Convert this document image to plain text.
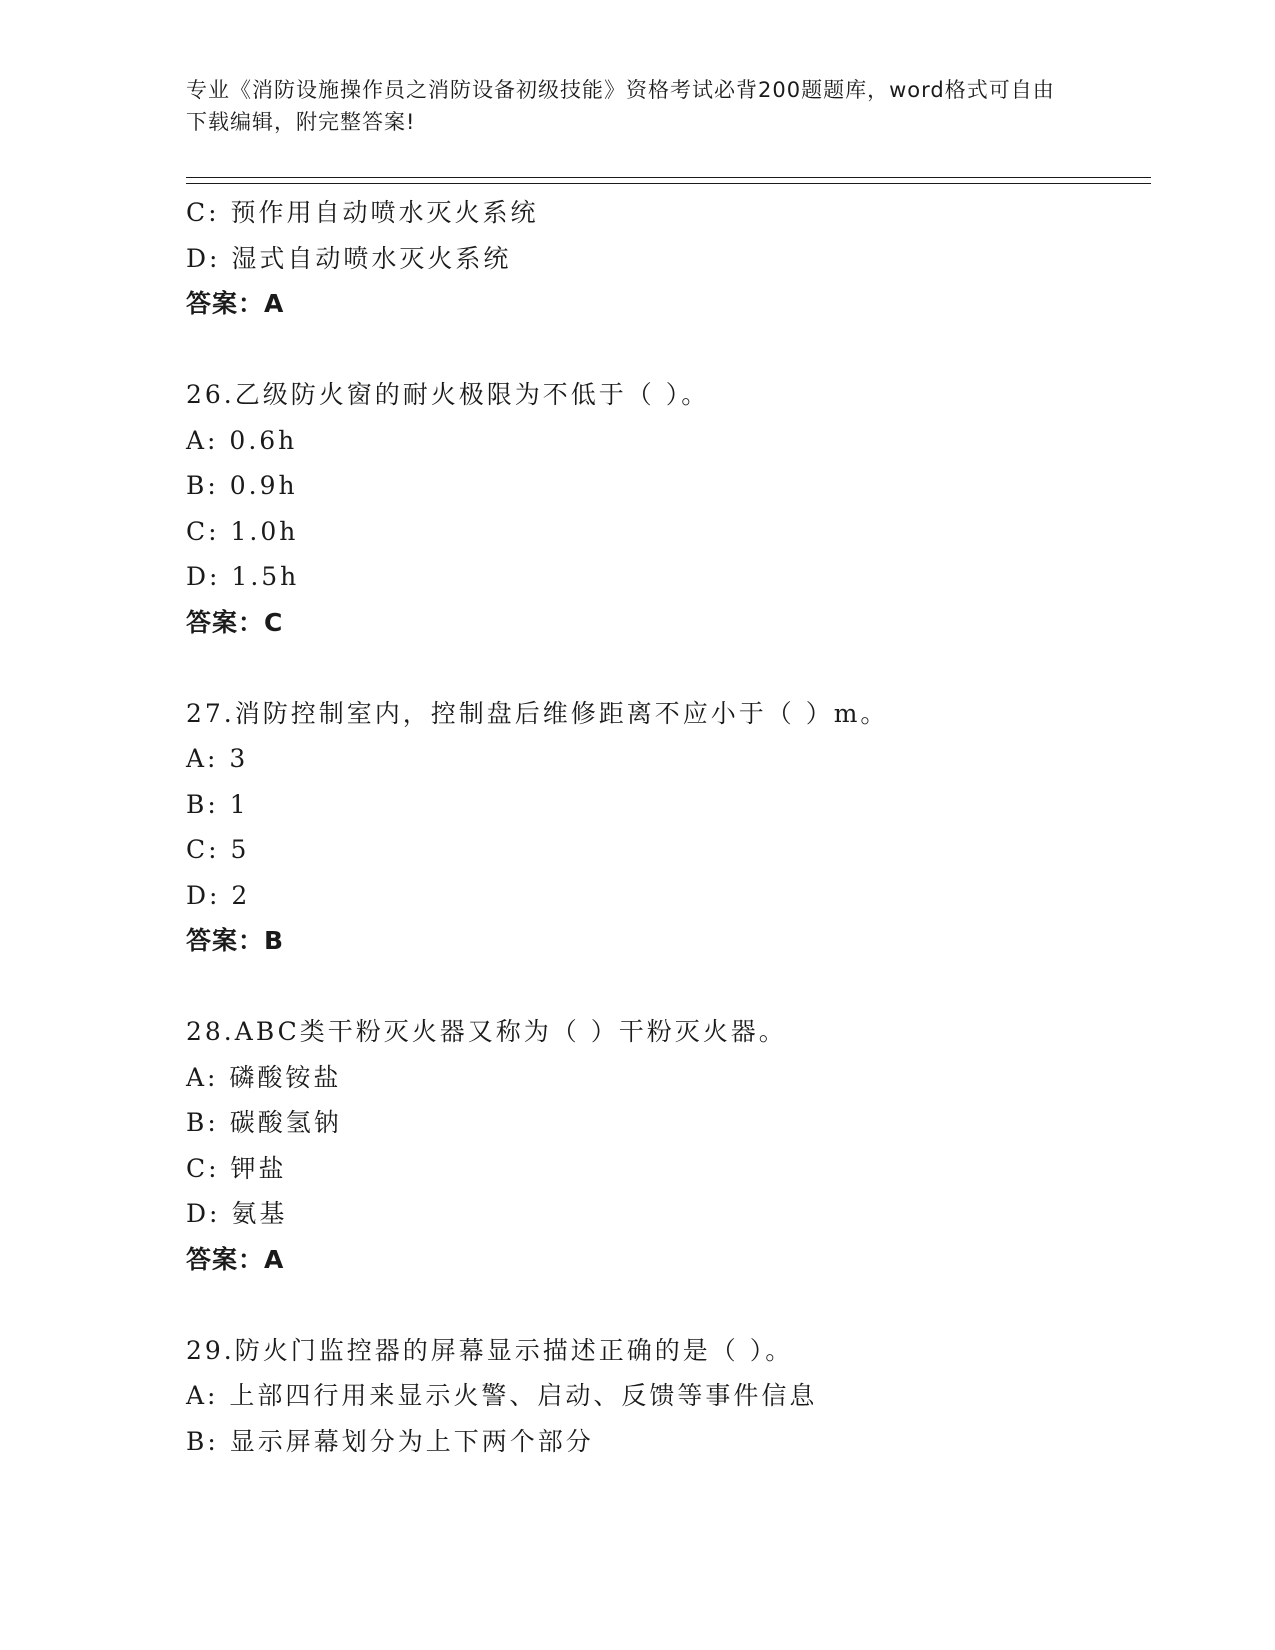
专业《消防设施操作员之消防设备初级技能》资格考试必背200题题库，word格式可自由下载编辑，附完整答案!
C: 预作用自动喷水灭火系统
D: 湿式自动喷水灭火系统
答案：A
26.乙级防火窗的耐火极限为不低于（ ）。
A: 0.6h
B: 0.9h
C: 1.0h
D: 1.5h
答案：C
27.消防控制室内，控制盘后维修距离不应小于（ ）m。
A: 3
B: 1
C: 5
D: 2
答案：B
28.ABC类干粉灭火器又称为（ ）干粉灭火器。
A: 磷酸铵盐
B: 碳酸氢钠
C: 钾盐
D: 氨基
答案：A
29.防火门监控器的屏幕显示描述正确的是（ ）。
A: 上部四行用来显示火警、启动、反馈等事件信息
B: 显示屏幕划分为上下两个部分
